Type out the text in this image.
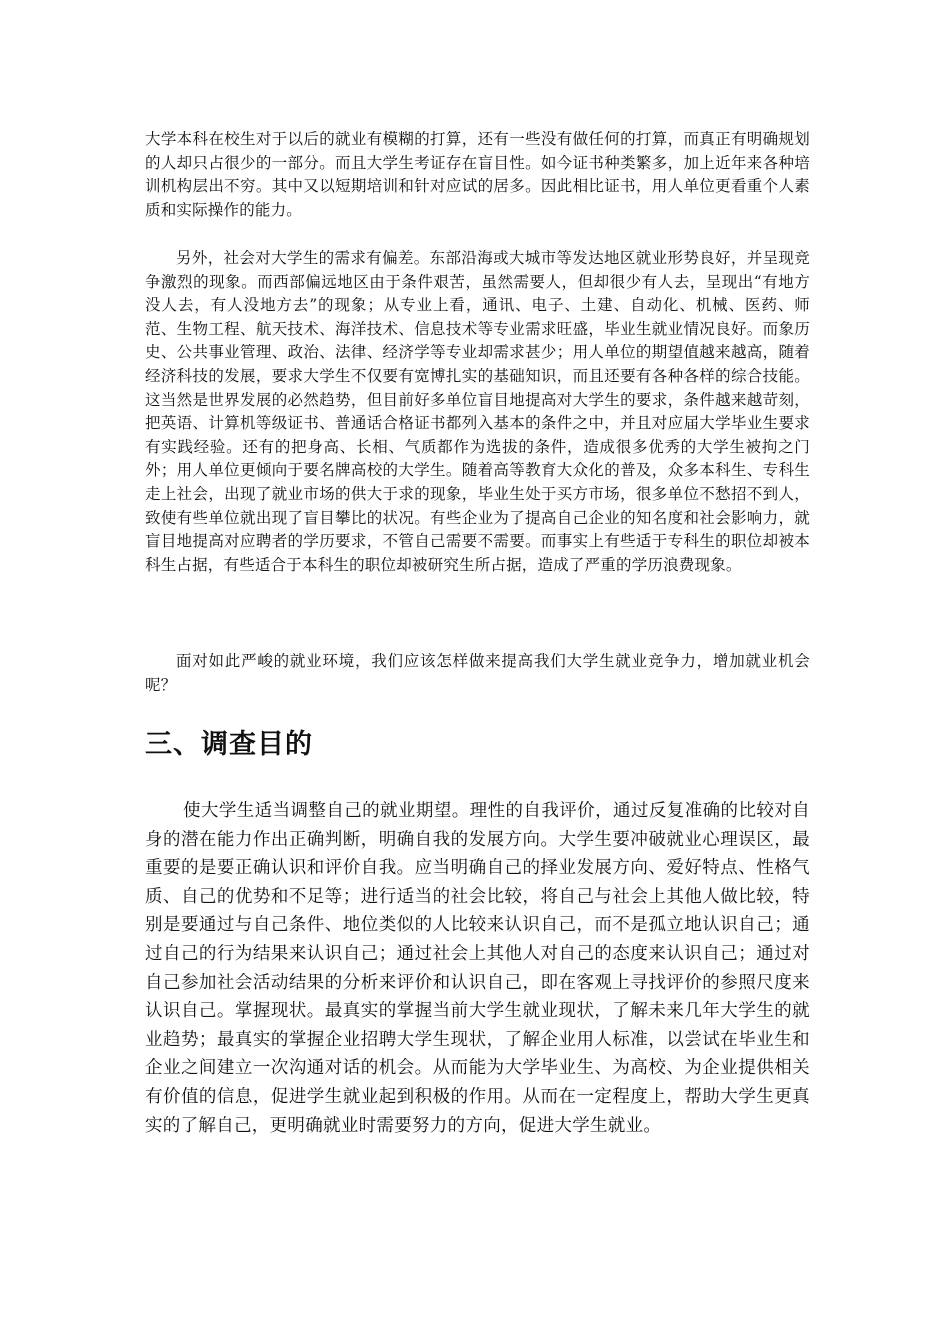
大学本科在校生对于以后的就业有模糊的打算，还有一些没有做任何的打算，而真正有明确规划的人却只占很少的一部分。而且大学生考证存在盲目性。如今证书种类繁多，加上近年来各种培训机构层出不穷。其中又以短期培训和针对应试的居多。因此相比证书，用人单位更看重个人素质和实际操作的能力。

另外，社会对大学生的需求有偏差。东部沿海或大城市等发达地区就业形势良好，并呈现竞争激烈的现象。而西部偏远地区由于条件艰苦，虽然需要人，但却很少有人去，呈现出“有地方没人去，有人没地方去”的现象；从专业上看，通讯、电子、土建、自动化、机械、医药、师范、生物工程、航天技术、海洋技术、信息技术等专业需求旺盛，毕业生就业情况良好。而象历史、公共事业管理、政治、法律、经济学等专业却需求甚少；用人单位的期望值越来越高，随着经济科技的发展，要求大学生不仅要有宽博扎实的基础知识，而且还要有各种各样的综合技能。这当然是世界发展的必然趋势，但目前好多单位盲目地提高对大学生的要求，条件越来越苛刻，把英语、计算机等级证书、普通话合格证书都列入基本的条件之中，并且对应届大学毕业生要求有实践经验。还有的把身高、长相、气质都作为选拔的条件，造成很多优秀的大学生被拘之门外；用人单位更倾向于要名牌高校的大学生。随着高等教育大众化的普及，众多本科生、专科生走上社会，出现了就业市场的供大于求的现象，毕业生处于买方市场，很多单位不愁招不到人，致使有些单位就出现了盲目攀比的状况。有些企业为了提高自己企业的知名度和社会影响力，就盲目地提高对应聘者的学历要求，不管自己需要不需要。而事实上有些适于专科生的职位却被本科生占据，有些适合于本科生的职位却被研究生所占据，造成了严重的学历浪费现象。

面对如此严峻的就业环境，我们应该怎样做来提高我们大学生就业竞争力，增加就业机会呢？

三、调查目的

使大学生适当调整自己的就业期望。理性的自我评价，通过反复准确的比较对自身的潜在能力作出正确判断，明确自我的发展方向。大学生要冲破就业心理误区，最重要的是要正确认识和评价自我。应当明确自己的择业发展方向、爱好特点、性格气质、自己的优势和不足等；进行适当的社会比较，将自己与社会上其他人做比较，特别是要通过与自己条件、地位类似的人比较来认识自己，而不是孤立地认识自己；通过自己的行为结果来认识自己；通过社会上其他人对自己的态度来认识自己；通过对自己参加社会活动结果的分析来评价和认识自己，即在客观上寻找评价的参照尺度来认识自己。掌握现状。最真实的掌握当前大学生就业现状，了解未来几年大学生的就业趋势；最真实的掌握企业招聘大学生现状，了解企业用人标准，以尝试在毕业生和企业之间建立一次沟通对话的机会。从而能为大学毕业生、为高校、为企业提供相关有价值的信息，促进学生就业起到积极的作用。从而在一定程度上，帮助大学生更真实的了解自己，更明确就业时需要努力的方向，促进大学生就业。
